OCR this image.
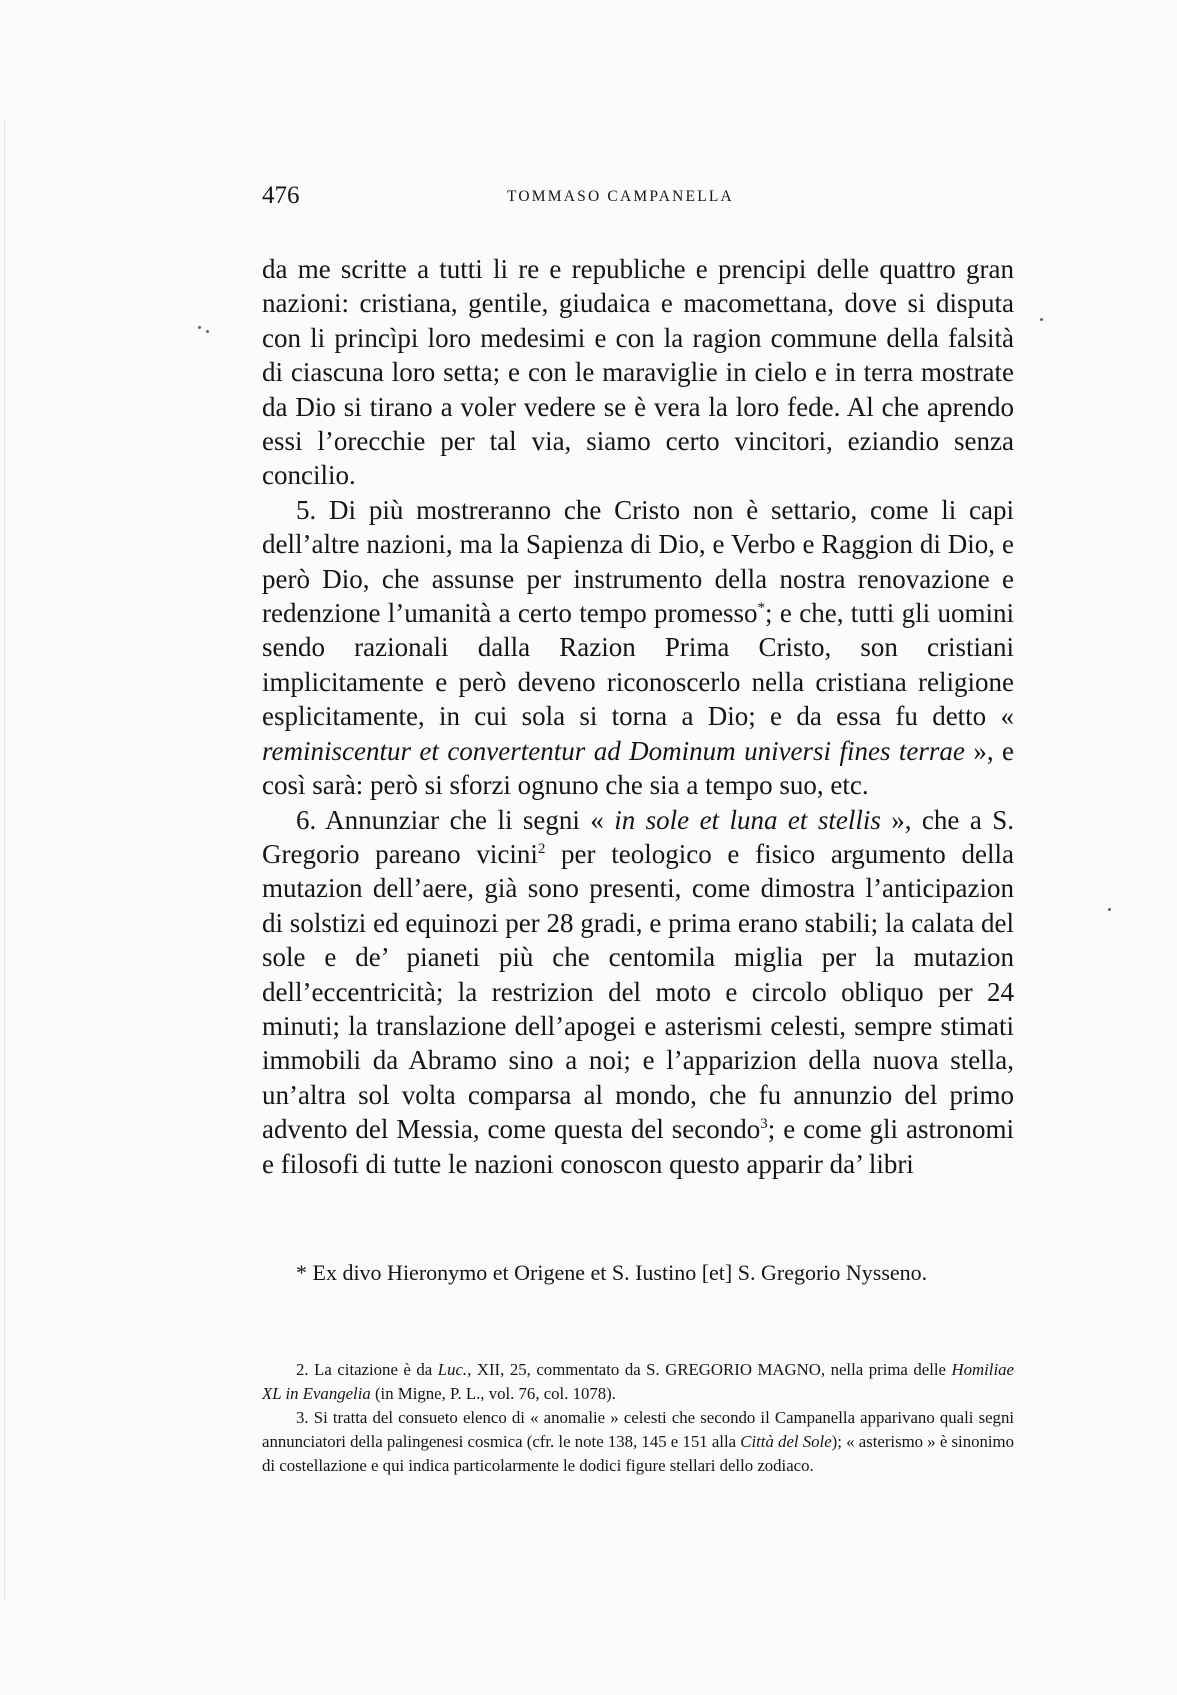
476	TOMMASO CAMPANELLA

da me scritte a tutti li re e republiche e prencipi delle quattro gran nazioni: cristiana, gentile, giudaica e macomettana, dove si disputa con li princìpi loro medesimi e con la ragion commune della falsità di ciascuna loro setta; e con le maraviglie in cielo e in terra mostrate da Dio si tirano a voler vedere se è vera la loro fede. Al che aprendo essi l’orecchie per tal via, siamo certo vincitori, eziandio senza concilio.

5. Di più mostreranno che Cristo non è settario, come li capi dell’altre nazioni, ma la Sapienza di Dio, e Verbo e Raggion di Dio, e però Dio, che assunse per instrumento della nostra renovazione e redenzione l’umanità a certo tempo promesso*; e che, tutti gli uomini sendo razionali dalla Razion Prima Cristo, son cristiani implicitamente e però deveno riconoscerlo nella cristiana religione esplicitamente, in cui sola si torna a Dio; e da essa fu detto « reminiscentur et convertentur ad Dominum universi fines terrae », e così sarà: però si sforzi ognuno che sia a tempo suo, etc.

6. Annunziar che li segni « in sole et luna et stellis », che a S. Gregorio pareano vicini$^2$ per teologico e fisico argumento della mutazion dell’aere, già sono presenti, come dimostra l’anticipazion di solstizi ed equinozi per 28 gradi, e prima erano stabili; la calata del sole e de’ pianeti più che centomila miglia per la mutazion dell’eccentricità; la restrizion del moto e circolo obliquo per 24 minuti; la translazione dell’apogei e asterismi celesti, sempre stimati immobili da Abramo sino a noi; e l’apparizion della nuova stella, un’altra sol volta comparsa al mondo, che fu annunzio del primo advento del Messia, come questa del secondo$^3$; e come gli astronomi e filosofi di tutte le nazioni conoscon questo apparir da’ libri

* Ex divo Hieronymo et Origene et S. Iustino [et] S. Gregorio Nysseno.

2. La citazione è da Luc., XII, 25, commentato da S. GREGORIO MAGNO, nella prima delle Homiliae XL in Evangelia (in Migne, P. L., vol. 76, col. 1078).

3. Si tratta del consueto elenco di « anomalie » celesti che secondo il Campanella apparivano quali segni annunciatori della palingenesi cosmica (cfr. le note 138, 145 e 151 alla Città del Sole); « asterismo » è sinonimo di costellazione e qui indica particolarmente le dodici figure stellari dello zodiaco.
